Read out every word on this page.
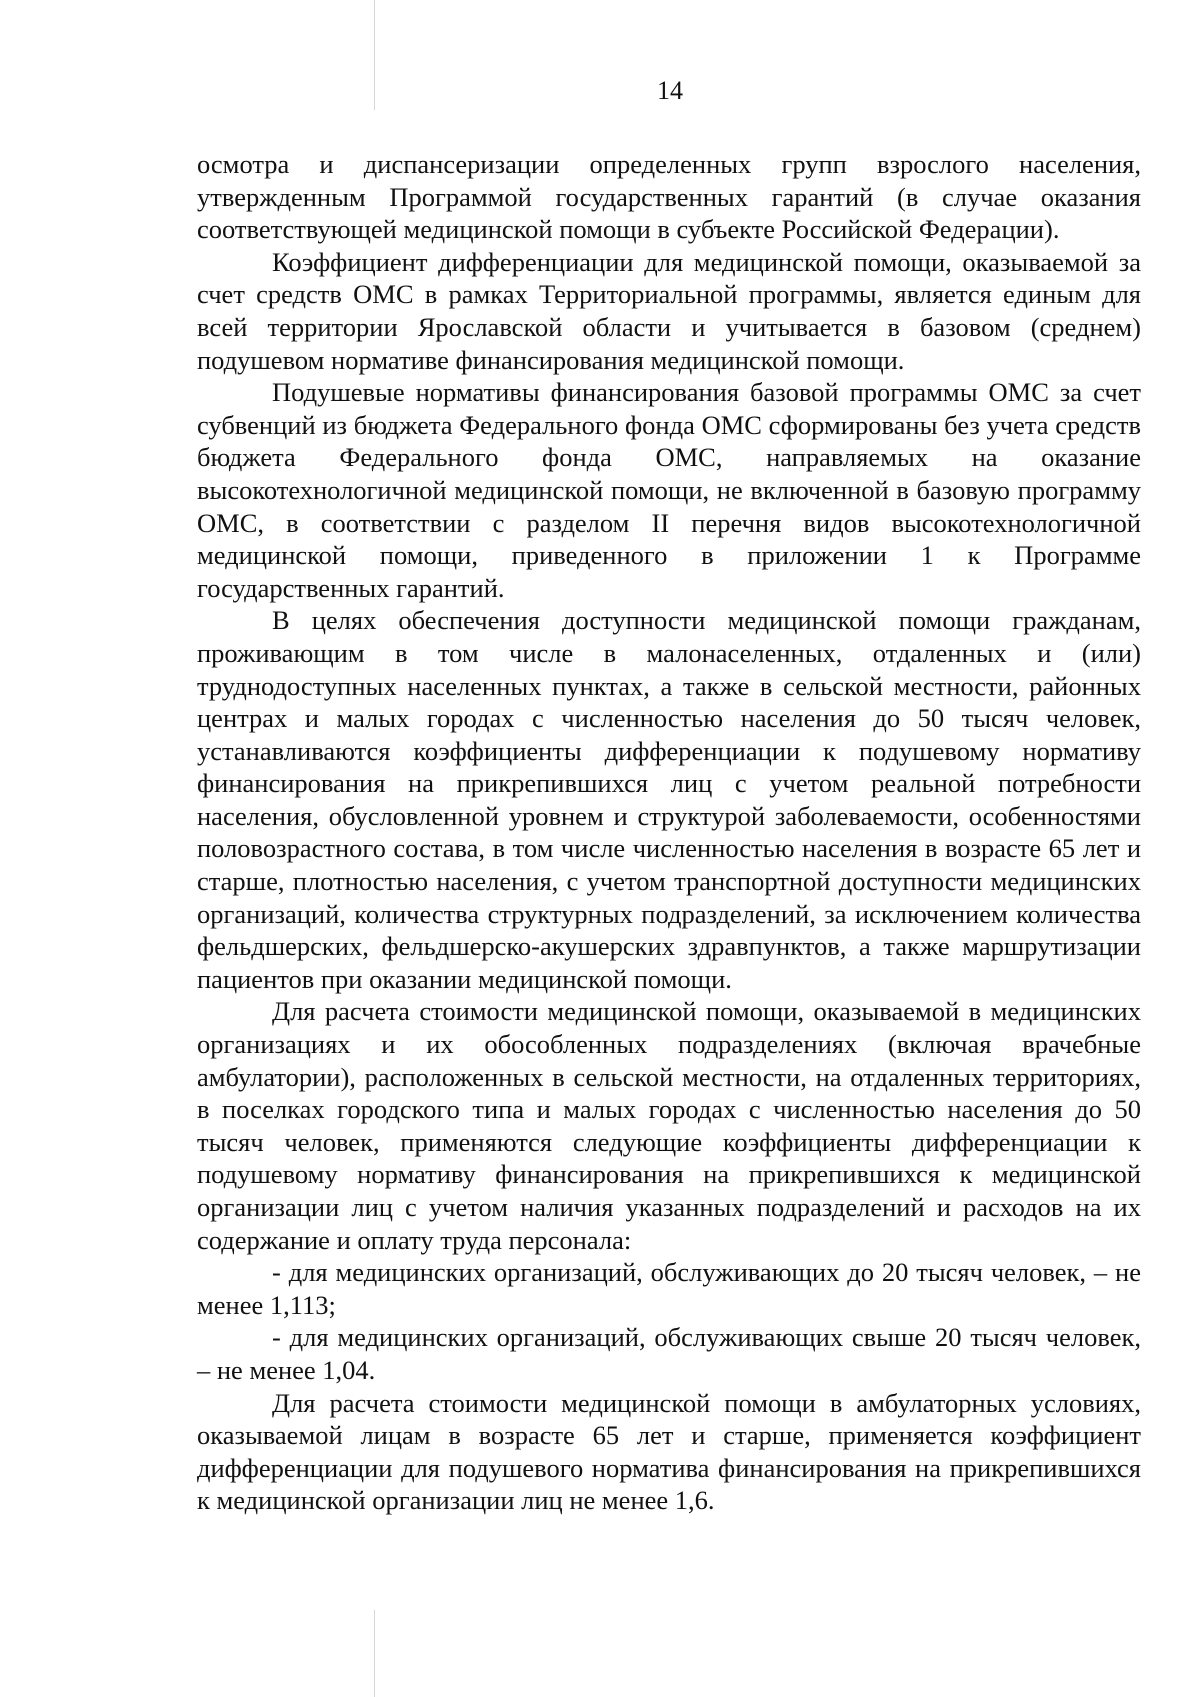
14

осмотра и диспансеризации определенных групп взрослого населения, утвержденным Программой государственных гарантий (в случае оказания соответствующей медицинской помощи в субъекте Российской Федерации).

Коэффициент дифференциации для медицинской помощи, оказываемой за счет средств ОМС в рамках Территориальной программы, является единым для всей территории Ярославской области и учитывается в базовом (среднем) подушевом нормативе финансирования медицинской помощи.

Подушевые нормативы финансирования базовой программы ОМС за счет субвенций из бюджета Федерального фонда ОМС сформированы без учета средств бюджета Федерального фонда ОМС, направляемых на оказание высокотехнологичной медицинской помощи, не включенной в базовую программу ОМС, в соответствии с разделом II перечня видов высокотехнологичной медицинской помощи, приведенного в приложении 1 к Программе государственных гарантий.

В целях обеспечения доступности медицинской помощи гражданам, проживающим в том числе в малонаселенных, отдаленных и (или) труднодоступных населенных пунктах, а также в сельской местности, районных центрах и малых городах с численностью населения до 50 тысяч человек, устанавливаются коэффициенты дифференциации к подушевому нормативу финансирования на прикрепившихся лиц с учетом реальной потребности населения, обусловленной уровнем и структурой заболеваемости, особенностями половозрастного состава, в том числе численностью населения в возрасте 65 лет и старше, плотностью населения, с учетом транспортной доступности медицинских организаций, количества структурных подразделений, за исключением количества фельдшерских, фельдшерско-акушерских здравпунктов, а также маршрутизации пациентов при оказании медицинской помощи.

Для расчета стоимости медицинской помощи, оказываемой в медицинских организациях и их обособленных подразделениях (включая врачебные амбулатории), расположенных в сельской местности, на отдаленных территориях, в поселках городского типа и малых городах с численностью населения до 50 тысяч человек, применяются следующие коэффициенты дифференциации к подушевому нормативу финансирования на прикрепившихся к медицинской организации лиц с учетом наличия указанных подразделений и расходов на их содержание и оплату труда персонала:

- для медицинских организаций, обслуживающих до 20 тысяч человек, – не менее 1,113;

- для медицинских организаций, обслуживающих свыше 20 тысяч человек, – не менее 1,04.

Для расчета стоимости медицинской помощи в амбулаторных условиях, оказываемой лицам в возрасте 65 лет и старше, применяется коэффициент дифференциации для подушевого норматива финансирования на прикрепившихся к медицинской организации лиц не менее 1,6.
